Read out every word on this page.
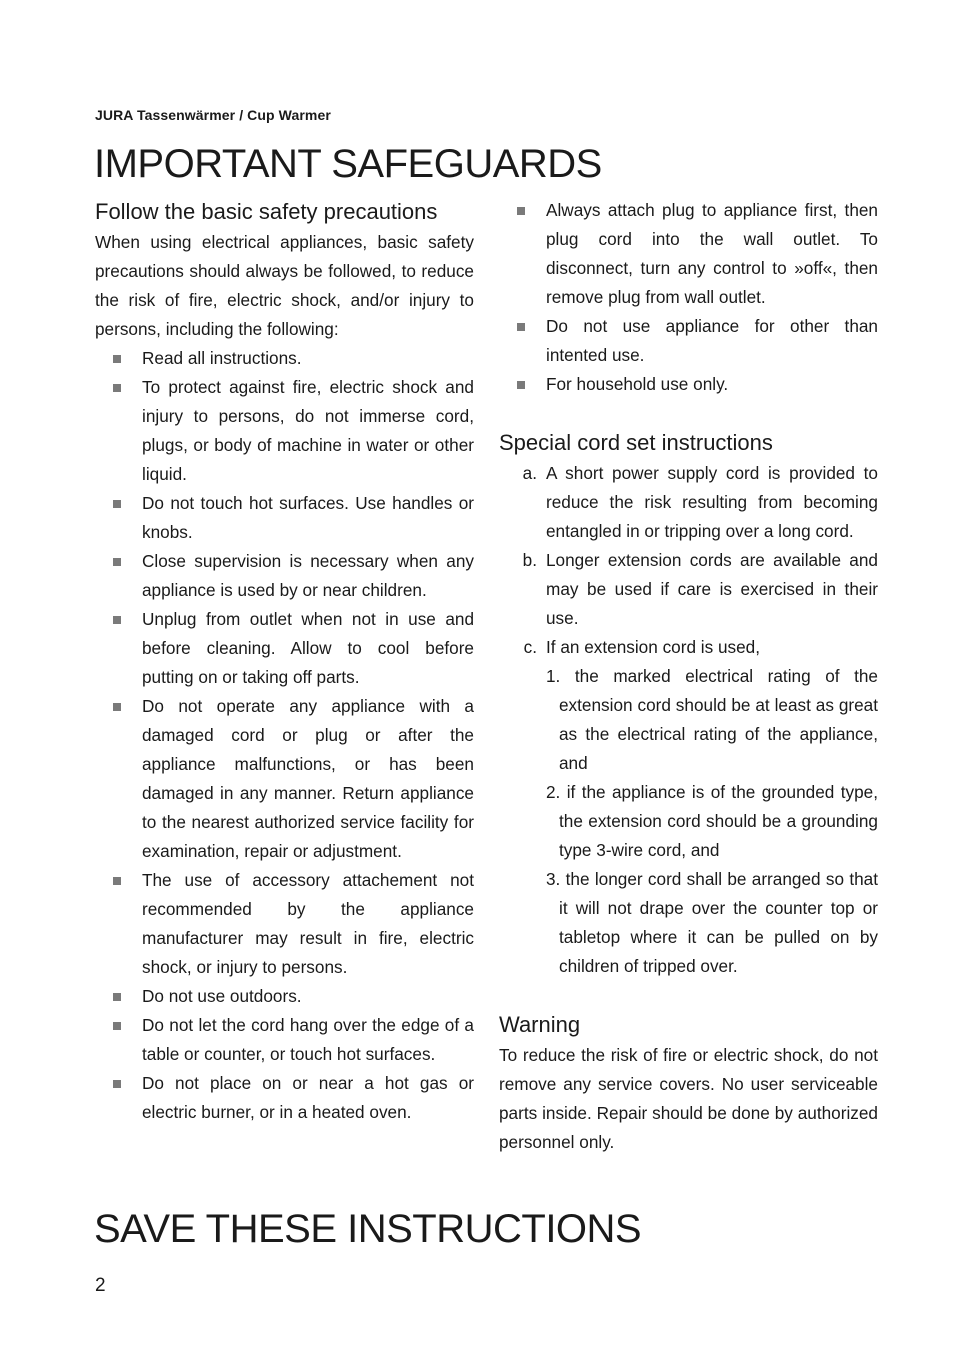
JURA Tassenwärmer / Cup Warmer
IMPORTANT SAFEGUARDS
Follow the basic safety precautions

When using electrical appliances, basic safety precautions should always be followed, to reduce the risk of fire, electric shock, and/or injury to persons, including the following:

Read all instructions.
To protect against fire, electric shock and injury to persons, do not immerse cord, plugs, or body of machine in water or other liquid.
Do not touch hot surfaces. Use handles or knobs.
Close supervision is necessary when any appliance is used by or near children.
Unplug from outlet when not in use and before cleaning. Allow to cool before putting on or taking off parts.
Do not operate any appliance with a damaged cord or plug or after the appliance malfunctions, or has been damaged in any manner. Return appliance to the nearest authorized service facility for examination, repair or adjustment.
The use of accessory attachement not recommended by the appliance manufacturer may result in fire, electric shock, or injury to persons.
Do not use outdoors.
Do not let the cord hang over the edge of a table or counter, or touch hot surfaces.
Do not place on or near a hot gas or electric burner, or in a heated oven.
Always attach plug to appliance first, then plug cord into the wall outlet. To disconnect, turn any control to »off«, then remove plug from wall outlet.
Do not use appliance for other than intented use.
For household use only.
Special cord set instructions
a. A short power supply cord is provided to reduce the risk resulting from becoming entangled in or tripping over a long cord.
b. Longer extension cords are available and may be used if care is exercised in their use.
c. If an extension cord is used,
1. the marked electrical rating of the extension cord should be at least as great as the electrical rating of the appliance, and
2. if the appliance is of the grounded type, the extension cord should be a grounding type 3-wire cord, and
3. the longer cord shall be arranged so that it will not drape over the counter top or tabletop where it can be pulled on by children of tripped over.
Warning

To reduce the risk of fire or electric shock, do not remove any service covers. No user serviceable parts inside. Repair should be done by authorized personnel only.

SAVE THESE INSTRUCTIONS
2
